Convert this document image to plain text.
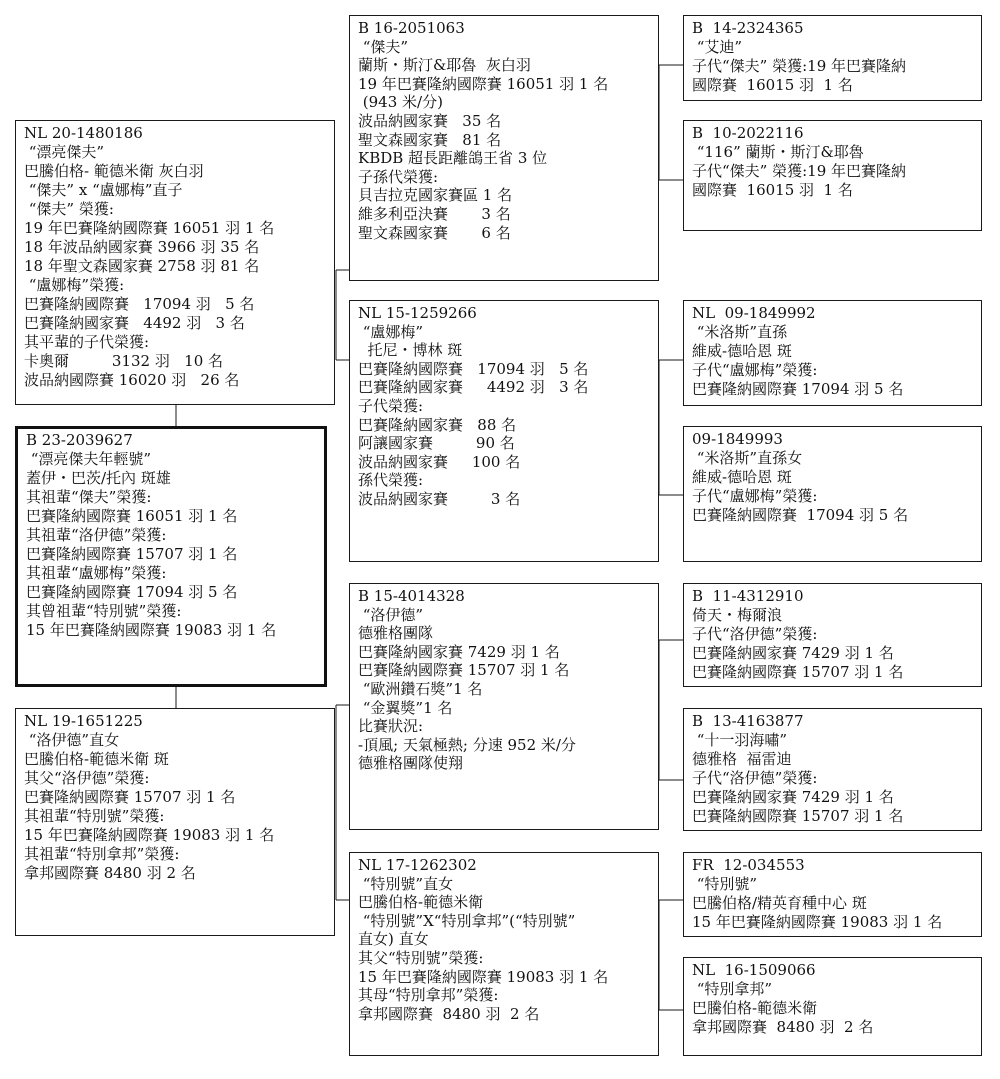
NL 20-1480186
“漂亮傑夫”
巴騰伯格- 範德米衛 灰白羽
“傑夫” x “盧娜梅”直子
“傑夫” 榮獲:
19 年巴賽隆納國際賽 16051 羽 1 名
18 年波品納國家賽 3966 羽 35 名
18 年聖文森國家賽 2758 羽 81 名
“盧娜梅”榮獲:
巴賽隆納國際賽   17094 羽   5 名
巴賽隆納國家賽   4492 羽   3 名
其平輩的子代榮獲:
卡奧爾         3132 羽   10 名
波品納國際賽 16020 羽   26 名
B 23-2039627
“漂亮傑夫年輕號”
蓋伊・巴茨/托內 斑雄
其祖輩“傑夫”榮獲:
巴賽隆納國際賽 16051 羽 1 名
其祖輩“洛伊德”榮獲:
巴賽隆納國際賽 15707 羽 1 名
其祖輩“盧娜梅”榮獲:
巴賽隆納國際賽 17094 羽 5 名
其曾祖輩“特別號”榮獲:
15 年巴賽隆納國際賽 19083 羽 1 名
NL 19-1651225
“洛伊德”直女
巴騰伯格-範德米衛 斑
其父“洛伊德”榮獲:
巴賽隆納國際賽 15707 羽 1 名
其祖輩“特別號”榮獲:
15 年巴賽隆納國際賽 19083 羽 1 名
其祖輩“特別拿邦”榮獲:
拿邦國際賽 8480 羽 2 名
B 16-2051063
“傑夫”
蘭斯・斯汀&耶魯  灰白羽
19 年巴賽隆納國際賽 16051 羽 1 名
(943 米/分)
波品納國家賽   35 名
聖文森國家賽   81 名
KBDB 超長距離鴿王省 3 位
子孫代榮獲:
貝吉拉克國家賽區 1 名
維多利亞決賽       3 名
聖文森國家賽       6 名
NL 15-1259266
“盧娜梅”
托尼・博林 斑
巴賽隆納國際賽   17094 羽   5 名
巴賽隆納國家賽     4492 羽   3 名
子代榮獲:
巴賽隆納國家賽   88 名
阿讓國家賽         90 名
波品納國家賽     100 名
孫代榮獲:
波品納國家賽         3 名
B 15-4014328
“洛伊德”
德雅格團隊
巴賽隆納國家賽 7429 羽 1 名
巴賽隆納國際賽 15707 羽 1 名
“歐洲鑽石獎”1 名
“金翼獎”1 名
比賽狀況:
-頂風; 天氣極熱; 分速 952 米/分
德雅格團隊使翔
NL 17-1262302
“特別號”直女
巴騰伯格-範德米衛
“特別號”X“特別拿邦”(“特別號”
直女) 直女
其父“特別號”榮獲:
15 年巴賽隆納國際賽 19083 羽 1 名
其母“特別拿邦”榮獲:
拿邦國際賽  8480 羽  2 名
B  14-2324365
“艾迪”
子代“傑夫” 榮獲:19 年巴賽隆納
國際賽  16015 羽  1 名
B  10-2022116
“116” 蘭斯・斯汀&耶魯
子代“傑夫” 榮獲:19 年巴賽隆納
國際賽  16015 羽  1 名
NL  09-1849992
“米洛斯”直孫
維威-德哈恩 斑
子代“盧娜梅”榮獲:
巴賽隆納國際賽 17094 羽 5 名
09-1849993
“米洛斯”直孫女
維威-德哈恩 斑
子代“盧娜梅”榮獲:
巴賽隆納國際賽  17094 羽 5 名
B  11-4312910
倚天・梅爾浪
子代“洛伊德”榮獲:
巴賽隆納國家賽 7429 羽 1 名
巴賽隆納國際賽 15707 羽 1 名
B  13-4163877
“十一羽海嘯”
德雅格  福雷迪
子代“洛伊德”榮獲:
巴賽隆納國家賽 7429 羽 1 名
巴賽隆納國際賽 15707 羽 1 名
FR  12-034553
“特別號”
巴騰伯格/精英育種中心 斑
15 年巴賽隆納國際賽 19083 羽 1 名
NL  16-1509066
“特別拿邦”
巴騰伯格-範德米衛
拿邦國際賽  8480 羽  2 名
